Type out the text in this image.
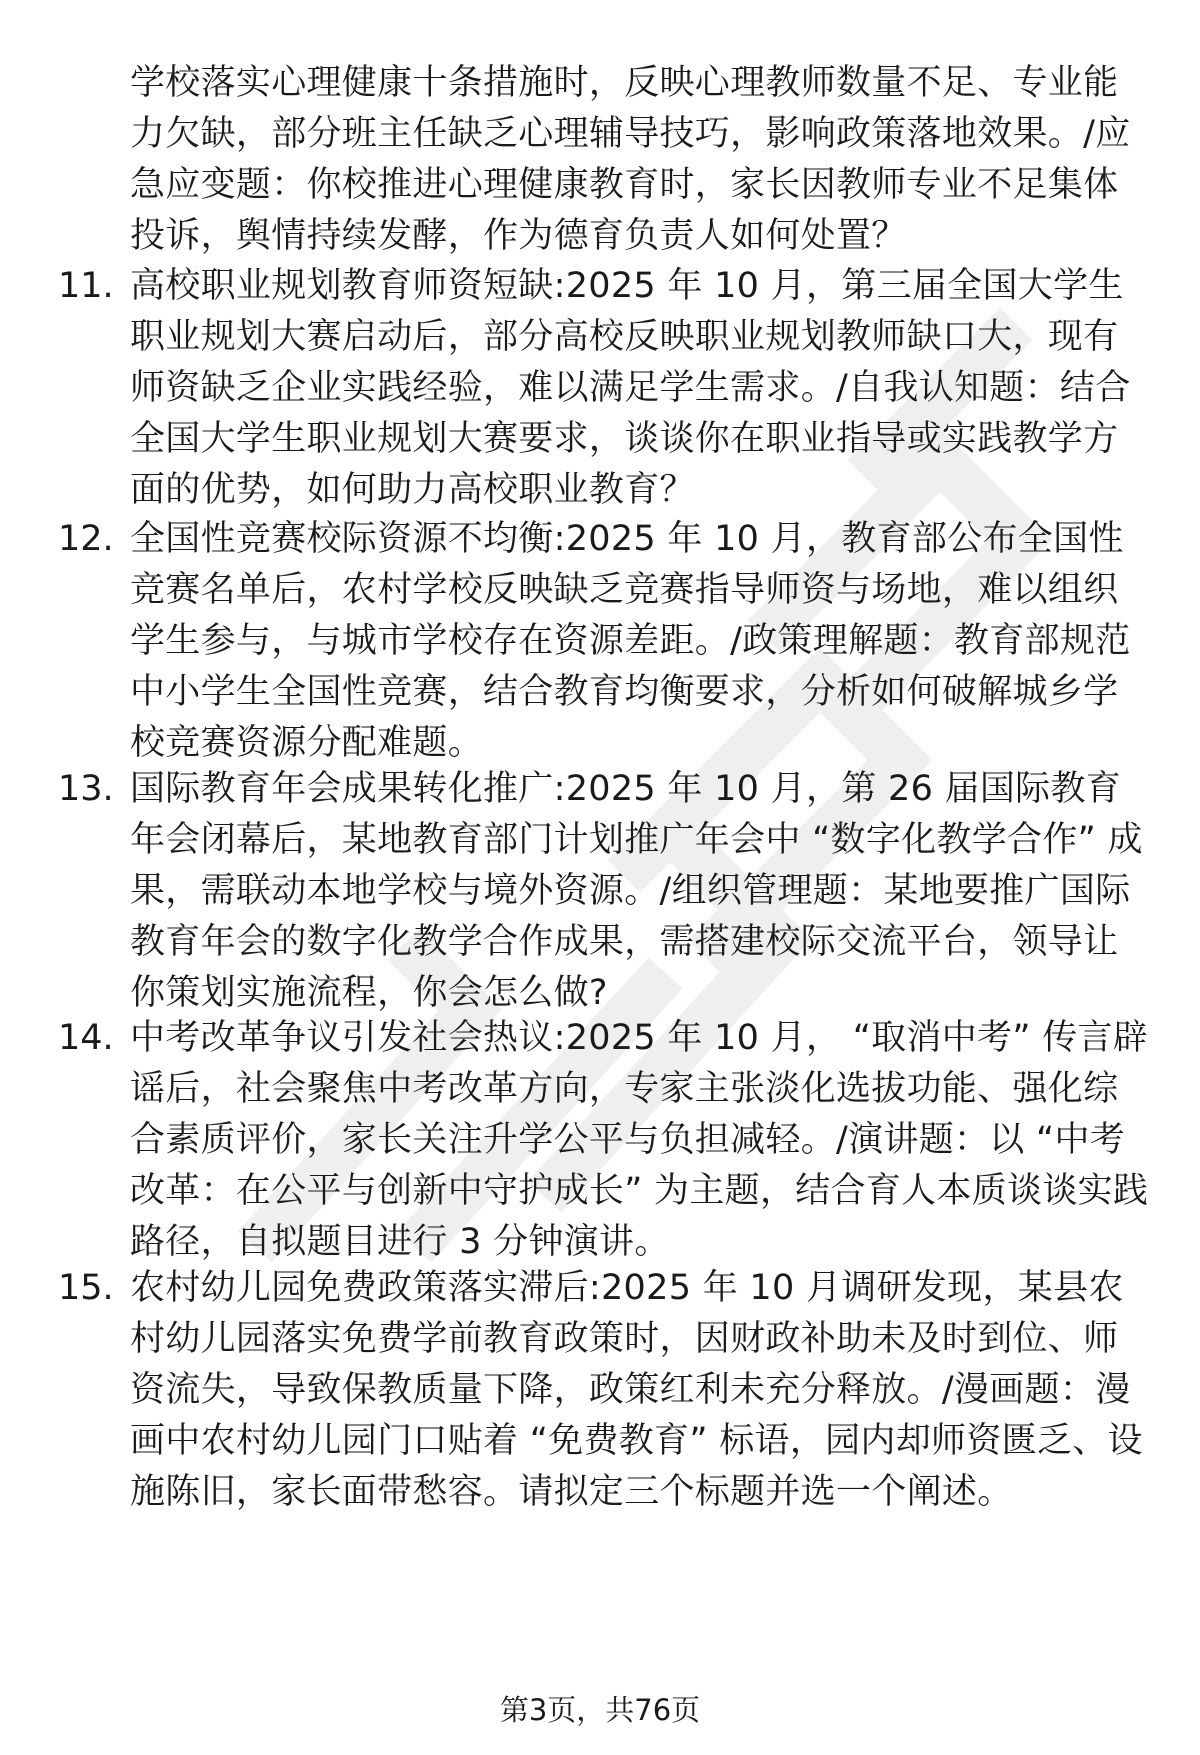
学校落实心理健康十条措施时，反映心理教师数量不足、专业能力欠缺，部分班主任缺乏心理辅导技巧，影响政策落地效果。/应急应变题：你校推进心理健康教育时，家长因教师专业不足集体投诉，舆情持续发酵，作为德育负责人如何处置？
11. 高校职业规划教育师资短缺:2025 年 10 月，第三届全国大学生职业规划大赛启动后，部分高校反映职业规划教师缺口大，现有师资缺乏企业实践经验，难以满足学生需求。/自我认知题：结合全国大学生职业规划大赛要求，谈谈你在职业指导或实践教学方面的优势，如何助力高校职业教育？
12. 全国性竞赛校际资源不均衡:2025 年 10 月，教育部公布全国性竞赛名单后，农村学校反映缺乏竞赛指导师资与场地，难以组织学生参与，与城市学校存在资源差距。/政策理解题：教育部规范中小学生全国性竞赛，结合教育均衡要求，分析如何破解城乡学校竞赛资源分配难题。
13. 国际教育年会成果转化推广:2025 年 10 月，第 26 届国际教育年会闭幕后，某地教育部门计划推广年会中 “数字化教学合作” 成果，需联动本地学校与境外资源。/组织管理题：某地要推广国际教育年会的数字化教学合作成果，需搭建校际交流平台，领导让你策划实施流程，你会怎么做?
14. 中考改革争议引发社会热议:2025 年 10 月， “取消中考” 传言辟谣后，社会聚焦中考改革方向，专家主张淡化选拔功能、强化综合素质评价，家长关注升学公平与负担减轻。/演讲题：以 “中考改革：在公平与创新中守护成长” 为主题，结合育人本质谈谈实践路径，自拟题目进行 3 分钟演讲。
15. 农村幼儿园免费政策落实滞后:2025 年 10 月调研发现，某县农村幼儿园落实免费学前教育政策时，因财政补助未及时到位、师资流失，导致保教质量下降，政策红利未充分释放。/漫画题：漫画中农村幼儿园门口贴着 “免费教育” 标语，园内却师资匮乏、设施陈旧，家长面带愁容。请拟定三个标题并选一个阐述。
第3页，共76页
